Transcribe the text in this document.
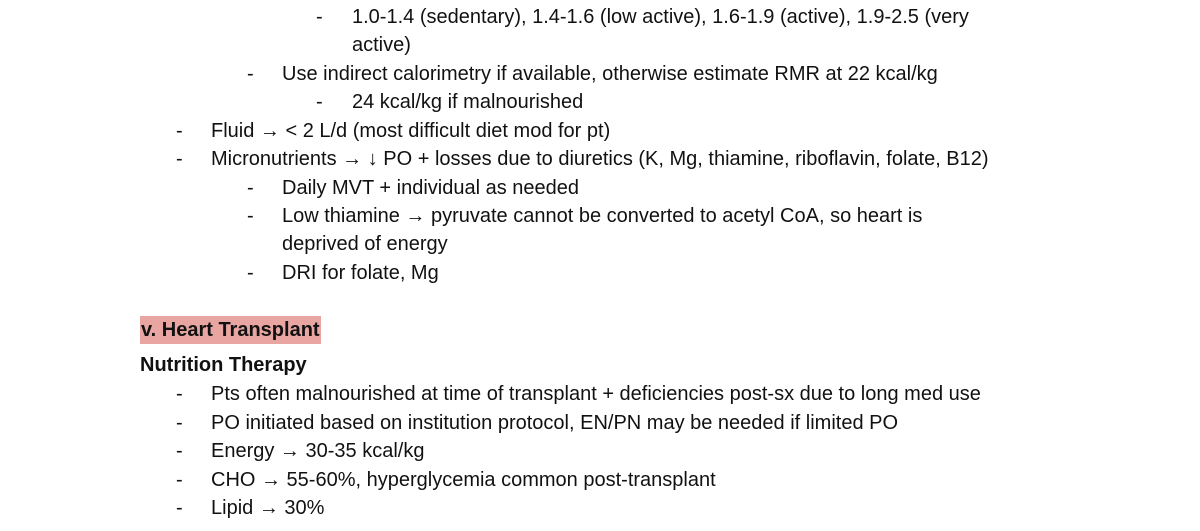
- 1.0-1.4 (sedentary), 1.4-1.6 (low active), 1.6-1.9 (active), 1.9-2.5 (very
active)
- Use indirect calorimetry if available, otherwise estimate RMR at 22 kcal/kg
- 24 kcal/kg if malnourished
- Fluid → < 2 L/d (most difficult diet mod for pt)
- Micronutrients → ↓ PO + losses due to diuretics (K, Mg, thiamine, riboflavin, folate, B12)
- Daily MVT + individual as needed
- Low thiamine → pyruvate cannot be converted to acetyl CoA, so heart is
deprived of energy
- DRI for folate, Mg
v. Heart Transplant
Nutrition Therapy
- Pts often malnourished at time of transplant + deficiencies post-sx due to long med use
- PO initiated based on institution protocol, EN/PN may be needed if limited PO
- Energy → 30-35 kcal/kg
- CHO → 55-60%, hyperglycemia common post-transplant
- Lipid → 30%
